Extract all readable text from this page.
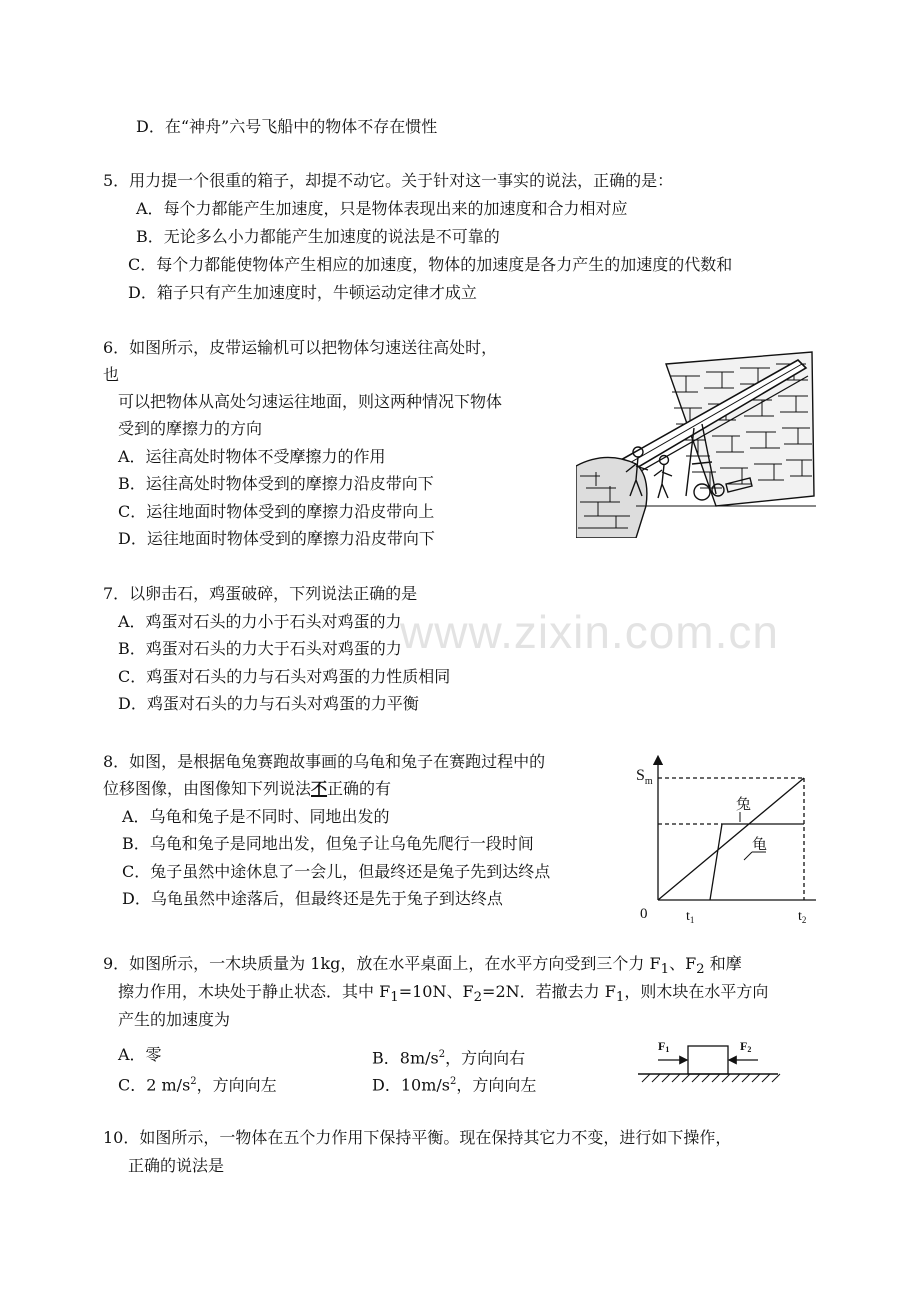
www.zixin.com.cn
D．在“神舟”六号飞船中的物体不存在惯性
5．用力提一个很重的箱子，却提不动它。关于针对这一事实的说法，正确的是：
A．每个力都能产生加速度，只是物体表现出来的加速度和合力相对应
B．无论多么小力都能产生加速度的说法是不可靠的
C．每个力都能使物体产生相应的加速度，物体的加速度是各力产生的加速度的代数和
D．箱子只有产生加速度时，牛顿运动定律才成立
6．如图所示，皮带运输机可以把物体匀速送往高处时，
也
可以把物体从高处匀速运往地面，则这两种情况下物体
受到的摩擦力的方向
A．运往高处时物体不受摩擦力的作用
B．运往高处时物体受到的摩擦力沿皮带向下
C．运往地面时物体受到的摩擦力沿皮带向上
D．运往地面时物体受到的摩擦力沿皮带向下
7．以卵击石，鸡蛋破碎，下列说法正确的是
A．鸡蛋对石头的力小于石头对鸡蛋的力
B．鸡蛋对石头的力大于石头对鸡蛋的力
C．鸡蛋对石头的力与石头对鸡蛋的力性质相同
D．鸡蛋对石头的力与石头对鸡蛋的力平衡
8．如图，是根据龟兔赛跑故事画的乌龟和兔子在赛跑过程中的
位移图像，由图像知下列说法不正确的有
A．乌龟和兔子是不同时、同地出发的
B．乌龟和兔子是同地出发，但兔子让乌龟先爬行一段时间
C．兔子虽然中途休息了一会儿，但最终还是兔子先到达终点
D．乌龟虽然中途落后，但最终还是先于兔子到达终点
$S_m$
0	$t_1$	$t_2$
兔
龟
9．如图所示，一木块质量为 1kg，放在水平桌面上，在水平方向受到三个力 $F_1$、$F_2$ 和摩
擦力作用，木块处于静止状态．其中 $F_1=10N$、$F_2=2N$．若撤去力 $F_1$，则木块在水平方向
产生的加速度为
A．零	B．$8m/s^2$，方向向右
C．2 $m/s^2$，方向向左	D．$10m/s^2$，方向向左
F1	F2
10．如图所示，一物体在五个力作用下保持平衡。现在保持其它力不变，进行如下操作，
正确的说法是
